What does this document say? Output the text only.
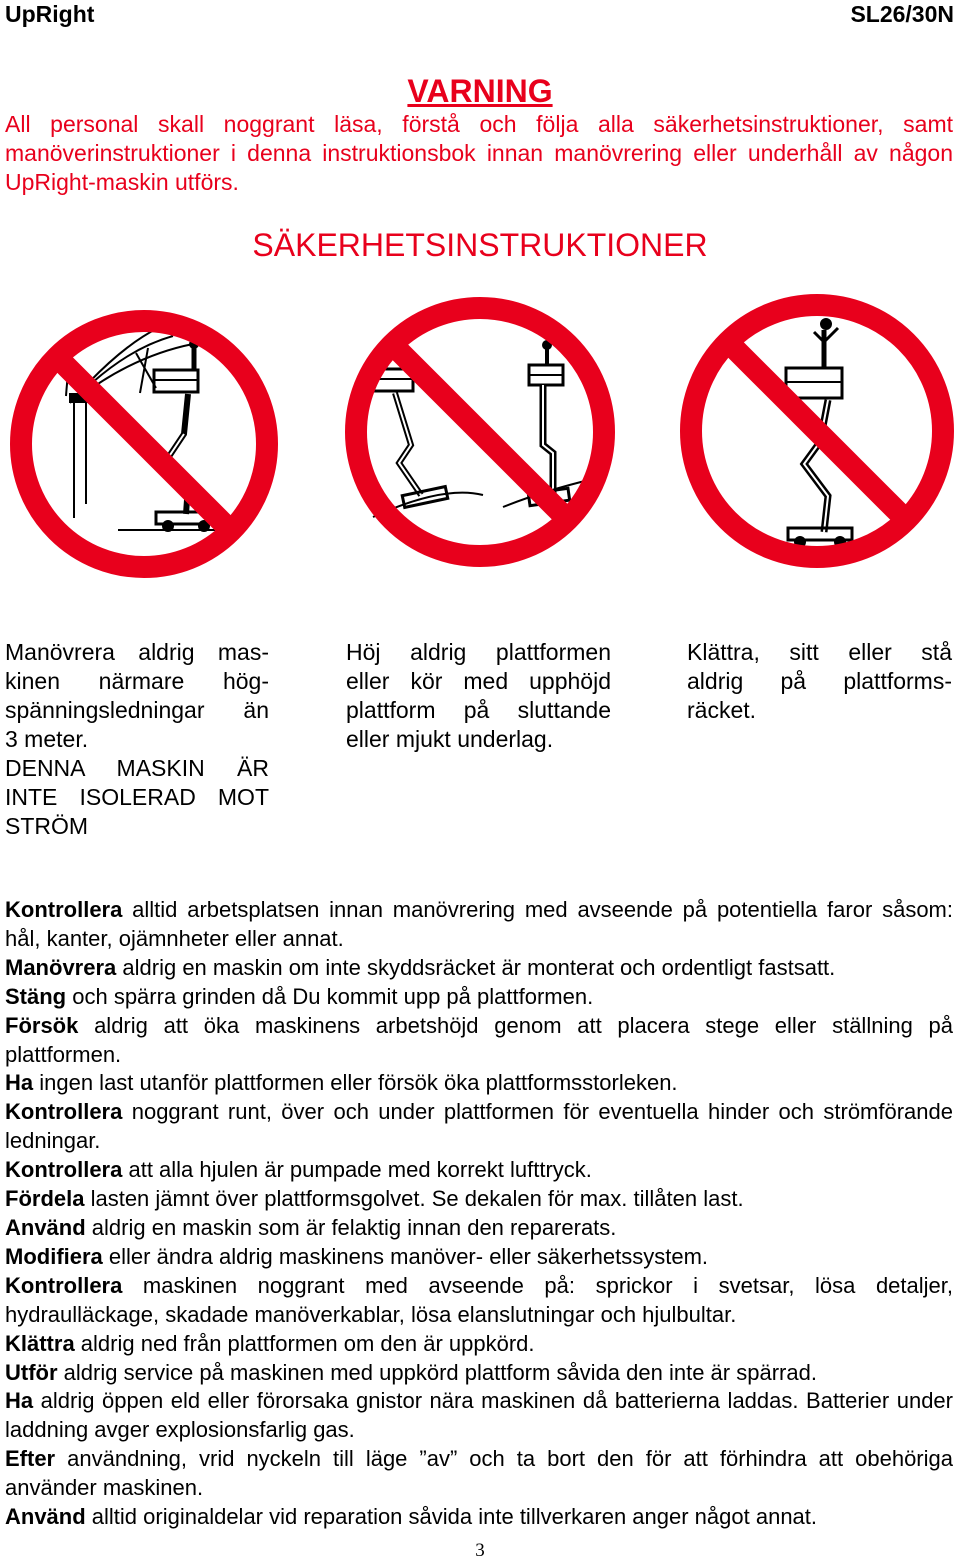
UpRight	SL26/30N
VARNING
All personal skall noggrant läsa, förstå och följa alla säkerhetsinstruktioner, samt manöverinstruktioner i denna instruktionsbok innan manövrering eller underhåll av någon UpRight-maskin utförs.
SÄKERHETSINSTRUKTIONER
Manövrera aldrig mas-
kinen närmare hög-
spänningsledningar än
3 meter.
DENNA MASKIN ÄR
INTE ISOLERAD MOT
STRÖM
Höj aldrig plattformen
eller kör med upphöjd
plattform på sluttande
eller mjukt underlag.
Klättra, sitt eller stå
aldrig på plattforms-
räcket.

Kontrollera alltid arbetsplatsen innan manövrering med avseende på potentiella faror såsom: hål, kanter, ojämnheter eller annat.

Manövrera aldrig en maskin om inte skyddsräcket är monterat och ordentligt fastsatt.

Stäng och spärra grinden då Du kommit upp på plattformen.

Försök aldrig att öka maskinens arbetshöjd genom att placera stege eller ställning på plattformen.

Ha ingen last utanför plattformen eller försök öka plattformsstorleken.

Kontrollera noggrant runt, över och under plattformen för eventuella hinder och strömförande ledningar.

Kontrollera att alla hjulen är pumpade med korrekt lufttryck.

Fördela lasten jämnt över plattformsgolvet. Se dekalen för max. tillåten last.

Använd aldrig en maskin som är felaktig innan den reparerats.

Modifiera eller ändra aldrig maskinens manöver- eller säkerhetssystem.

Kontrollera maskinen noggrant med avseende på: sprickor i svetsar, lösa detaljer, hydraulläckage, skadade manöverkablar, lösa elanslutningar och hjulbultar.

Klättra aldrig ned från plattformen om den är uppkörd.

Utför aldrig service på maskinen med uppkörd plattform såvida den inte är spärrad.

Ha aldrig öppen eld eller förorsaka gnistor nära maskinen då batterierna laddas. Batterier under laddning avger explosionsfarlig gas.

Efter användning, vrid nyckeln till läge ”av” och ta bort den för att förhindra att obehöriga använder maskinen.

Använd alltid originaldelar vid reparation såvida inte tillverkaren anger något annat.

3
